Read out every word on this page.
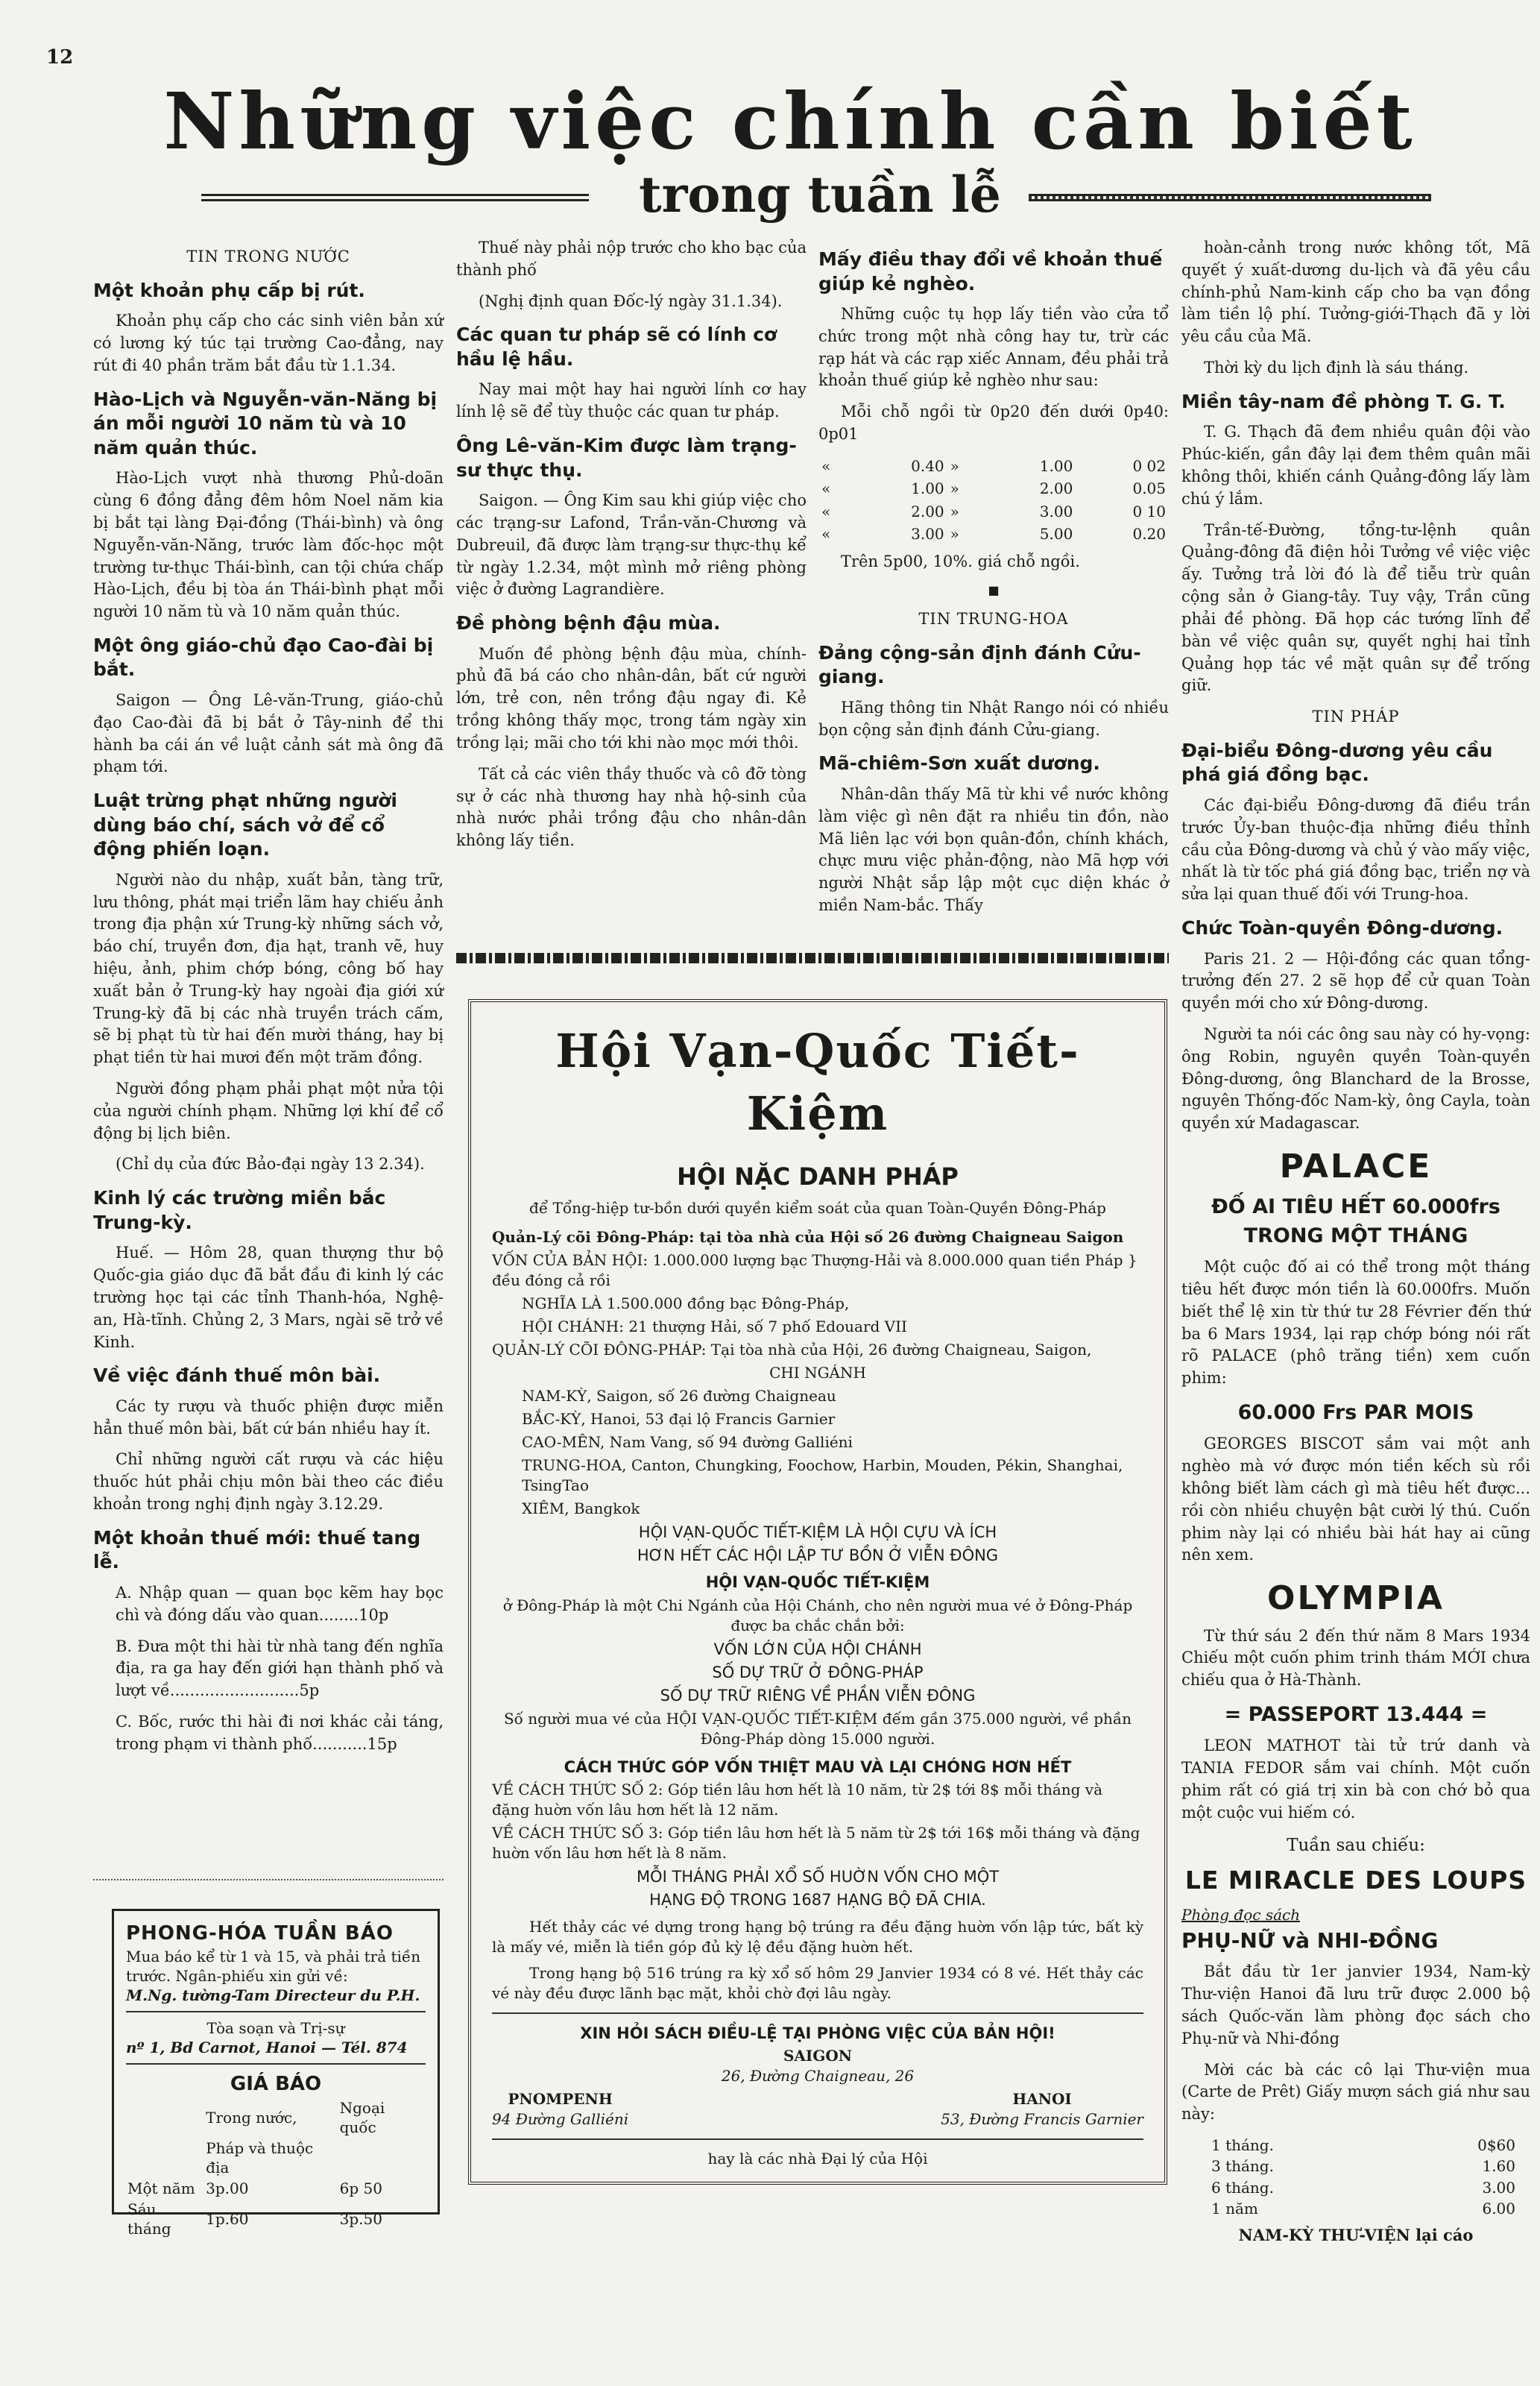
12
Những việc chính cần biết
trong tuần lễ
TIN TRONG NƯỚC
Một khoản phụ cấp bị rút.

Khoản phụ cấp cho các sinh viên bản xứ có lương ký túc tại trường Cao-đẳng, nay rút đi 40 phần trăm bắt đầu từ 1.1.34.

Hào-Lịch và Nguyễn-văn-Năng bị án mỗi người 10 năm tù và 10 năm quản thúc.

Hào-Lịch vượt nhà thương Phủ-doãn cùng 6 đồng đẳng đêm hôm Noel năm kia bị bắt tại làng Đại-đồng (Thái-bình) và ông Nguyễn-văn-Năng, trước làm đốc-học một trường tư-thục Thái-bình, can tội chứa chấp Hào-Lịch, đều bị tòa án Thái-bình phạt mỗi người 10 năm tù và 10 năm quản thúc.

Một ông giáo-chủ đạo Cao-đài bị bắt.

Saigon — Ông Lê-văn-Trung, giáo-chủ đạo Cao-đài đã bị bắt ở Tây-ninh để thi hành ba cái án về luật cảnh sát mà ông đã phạm tới.

Luật trừng phạt những người dùng báo chí, sách vở để cổ động phiến loạn.

Người nào du nhập, xuất bản, tàng trữ, lưu thông, phát mại triển lãm hay chiếu ảnh trong địa phận xứ Trung-kỳ những sách vở, báo chí, truyền đơn, địa hạt, tranh vẽ, huy hiệu, ảnh, phim chớp bóng, công bố hay xuất bản ở Trung-kỳ hay ngoài địa giới xứ Trung-kỳ đã bị các nhà truyền trách cấm, sẽ bị phạt tù từ hai đến mười tháng, hay bị phạt tiền từ hai mươi đến một trăm đồng.

Người đồng phạm phải phạt một nửa tội của người chính phạm. Những lợi khí để cổ động bị lịch biên.

(Chỉ dụ của đức Bảo-đại ngày 13 2.34).

Kinh lý các trường miền bắc Trung-kỳ.

Huế. — Hôm 28, quan thượng thư bộ Quốc-gia giáo dục đã bắt đầu đi kinh lý các trường học tại các tỉnh Thanh-hóa, Nghệ-an, Hà-tĩnh. Chủng 2, 3 Mars, ngài sẽ trở về Kinh.

Về việc đánh thuế môn bài.

Các ty rượu và thuốc phiện được miễn hẳn thuế môn bài, bất cứ bán nhiều hay ít.

Chỉ những người cất rượu và các hiệu thuốc hút phải chịu môn bài theo các điều khoản trong nghị định ngày 3.12.29.

Một khoản thuế mới: thuế tang lễ.

A. Nhập quan — quan bọc kẽm hay bọc chì và đóng dấu vào quan........10p

B. Đưa một thi hài từ nhà tang đến nghĩa địa, ra ga hay đến giới hạn thành phố và lượt về..........................5p

C. Bốc, rước thi hài đi nơi khác cải táng, trong phạm vi thành phố...........15p

PHONG-HÓA TUẦN BÁO
Mua báo kể từ 1 và 15, và phải trả tiền trước. Ngân-phiếu xin gửi về:
M.Ng. tường-Tam Directeur du P.H.
Tòa soạn và Trị-sự
nº 1, Bd Carnot, Hanoi — Tél. 874
GIÁ BÁO
	Trong nước,	Ngoại quốc
	Pháp và thuộc địa	
Một năm	3p.00	6p 50
Sáu tháng	1p.60	3p.50

Thuế này phải nộp trước cho kho bạc của thành phố

(Nghị định quan Đốc-lý ngày 31.1.34).

Các quan tư pháp sẽ có lính cơ hầu lệ hầu.

Nay mai một hay hai người lính cơ hay lính lệ sẽ để tùy thuộc các quan tư pháp.

Ông Lê-văn-Kim được làm trạng-sư thực thụ.

Saigon. — Ông Kim sau khi giúp việc cho các trạng-sư Lafond, Trần-văn-Chương và Dubreuil, đã được làm trạng-sư thực-thụ kể từ ngày 1.2.34, một mình mở riêng phòng việc ở đường Lagrandière.

Đề phòng bệnh đậu mùa.

Muốn đề phòng bệnh đậu mùa, chính-phủ đã bá cáo cho nhân-dân, bất cứ người lớn, trẻ con, nên trồng đậu ngay đi. Kẻ trồng không thấy mọc, trong tám ngày xin trồng lại; mãi cho tới khi nào mọc mới thôi.

Tất cả các viên thầy thuốc và cô đỡ tòng sự ở các nhà thương hay nhà hộ-sinh của nhà nước phải trồng đậu cho nhân-dân không lấy tiền.

Mấy điều thay đổi về khoản thuế giúp kẻ nghèo.

Những cuộc tụ họp lấy tiền vào cửa tổ chức trong một nhà công hay tư, trừ các rạp hát và các rạp xiếc Annam, đều phải trả khoản thuế giúp kẻ nghèo như sau:

Mỗi chỗ ngồi từ 0p20 đến dưới 0p40: 0p01

«	0.40	»	1.00	0 02
«	1.00	»	2.00	0.05
«	2.00	»	3.00	0 10
«	3.00	»	5.00	0.20

Trên 5p00, 10%. giá chỗ ngồi.

■
TIN TRUNG-HOA
Đảng cộng-sản định đánh Cửu-giang.

Hãng thông tin Nhật Rango nói có nhiều bọn cộng sản định đánh Cửu-giang.

Mã-chiêm-Sơn xuất dương.

Nhân-dân thấy Mã từ khi về nước không làm việc gì nên đặt ra nhiều tin đồn, nào Mã liên lạc với bọn quân-đồn, chính khách, chực mưu việc phản-động, nào Mã hợp với người Nhật sắp lập một cục diện khác ở miền Nam-bắc. Thấy

hoàn-cảnh trong nước không tốt, Mã quyết ý xuất-dương du-lịch và đã yêu cầu chính-phủ Nam-kinh cấp cho ba vạn đồng làm tiền lộ phí. Tưởng-giới-Thạch đã y lời yêu cầu của Mã.

Thời kỳ du lịch định là sáu tháng.

Miền tây-nam đề phòng T. G. T.

T. G. Thạch đã đem nhiều quân đội vào Phúc-kiến, gần đây lại đem thêm quân mãi không thôi, khiến cánh Quảng-đông lấy làm chú ý lắm.

Trần-tế-Đường, tổng-tư-lệnh quân Quảng-đông đã điện hỏi Tưởng về việc việc ấy. Tưởng trả lời đó là để tiễu trừ quân cộng sản ở Giang-tây. Tuy vậy, Trần cũng phải đề phòng. Đã họp các tướng lĩnh để bàn về việc quân sự, quyết nghị hai tỉnh Quảng họp tác về mặt quân sự để trống giữ.

TIN PHÁP
Đại-biểu Đông-dương yêu cầu phá giá đồng bạc.

Các đại-biểu Đông-dương đã điều trần trước Ủy-ban thuộc-địa những điều thỉnh cầu của Đông-dương và chủ ý vào mấy việc, nhất là từ tốc phá giá đồng bạc, triển nợ và sửa lại quan thuế đối với Trung-hoa.

Chức Toàn-quyền Đông-dương.

Paris 21. 2 — Hội-đồng các quan tổng-trưởng đến 27. 2 sẽ họp để cử quan Toàn quyền mới cho xứ Đông-dương.

Người ta nói các ông sau này có hy-vọng: ông Robin, nguyên quyền Toàn-quyền Đông-dương, ông Blanchard de la Brosse, nguyên Thống-đốc Nam-kỳ, ông Cayla, toàn quyền xứ Madagascar.

PALACE
ĐỐ AI TIÊU HẾT 60.000frs TRONG MỘT THÁNG

Một cuộc đố ai có thể trong một tháng tiêu hết được món tiền là 60.000frs. Muốn biết thể lệ xin từ thứ tư 28 Février đến thứ ba 6 Mars 1934, lại rạp chớp bóng nói rất rõ PALACE (phô trăng tiền) xem cuốn phim:

60.000 Frs PAR MOIS

GEORGES BISCOT sắm vai một anh nghèo mà vớ được món tiền kếch sù rồi không biết làm cách gì mà tiêu hết được... rồi còn nhiều chuyện bật cười lý thú. Cuốn phim này lại có nhiều bài hát hay ai cũng nên xem.

OLYMPIA

Từ thứ sáu 2 đến thứ năm 8 Mars 1934 Chiếu một cuốn phim trinh thám MỚI chưa chiếu qua ở Hà-Thành.

= PASSEPORT 13.444 =

LEON MATHOT tài tử trứ danh và TANIA FEDOR sắm vai chính. Một cuốn phim rất có giá trị xin bà con chớ bỏ qua một cuộc vui hiếm có.

Tuần sau chiếu:
LE MIRACLE DES LOUPS
Phòng đọc sách
PHỤ-NỮ và NHI-ĐỒNG

Bắt đầu từ 1er janvier 1934, Nam-kỳ Thư-viện Hanoi đã lưu trữ được 2.000 bộ sách Quốc-văn làm phòng đọc sách cho Phụ-nữ và Nhi-đồng

Mời các bà các cô lại Thư-viện mua (Carte de Prêt) Giấy mượn sách giá như sau này:

1 tháng.	0$60
3 tháng.	1.60
6 tháng.	3.00
1 năm	6.00
NAM-KỲ THƯ-VIỆN lại cáo
Hội Vạn-Quốc Tiết-Kiệm
HỘI NẶC DANH PHÁP
để Tổng-hiệp tư-bồn dưới quyền kiểm soát của quan Toàn-Quyền Đông-Pháp
Quản-Lý cõi Đông-Pháp: tại tòa nhà của Hội số 26 đường Chaigneau Saigon
VỐN CỦA BẢN HỘI: 1.000.000 lượng bạc Thượng-Hải và 8.000.000 quan tiền Pháp } đều đóng cả rồi
NGHĨA LÀ 1.500.000 đồng bạc Đông-Pháp,
HỘI CHÁNH: 21 thượng Hải, số 7 phố Edouard VII
QUẢN-LÝ CÕI ĐÔNG-PHÁP: Tại tòa nhà của Hội, 26 đường Chaigneau, Saigon,
CHI NGÁNH
NAM-KỲ, Saigon, số 26 đường Chaigneau
BẮC-KỲ, Hanoi, 53 đại lộ Francis Garnier
CAO-MÊN, Nam Vang, số 94 đường Galliéni
TRUNG-HOA, Canton, Chungking, Foochow, Harbin, Mouden, Pékin, Shanghai, TsingTao
XIÊM, Bangkok
HỘI VẠN-QUỐC TIẾT-KIỆM LÀ HỘI CỰU VÀ ÍCH
HƠN HẾT CÁC HỘI LẬP TƯ BỒN Ở VIỄN ĐÔNG
HỘI VẠN-QUỐC TIẾT-KIỆM
ở Đông-Pháp là một Chi Ngánh của Hội Chánh, cho nên người mua vé ở Đông-Pháp được ba chắc chắn bởi:
VỐN LỚN CỦA HỘI CHÁNH
SỐ DỰ TRỮ Ở ĐÔNG-PHÁP
SỐ DỰ TRỮ RIÊNG VỀ PHẦN VIỄN ĐÔNG
Số người mua vé của HỘI VẠN-QUỐC TIẾT-KIỆM đếm gần 375.000 người, về phần Đông-Pháp dòng 15.000 người.
CÁCH THỨC GÓP VỐN THIỆT MAU VÀ LẠI CHÓNG HƠN HẾT
VỀ CÁCH THỨC SỐ 2: Góp tiền lâu hơn hết là 10 năm, từ 2$ tới 8$ mỗi tháng và đặng huờn vốn lâu hơn hết là 12 năm.
VỀ CÁCH THỨC SỐ 3: Góp tiền lâu hơn hết là 5 năm từ 2$ tới 16$ mỗi tháng và đặng huờn vốn lâu hơn hết là 8 năm.
MỖI THÁNG PHẢI XỔ SỐ HUỜN VỐN CHO MỘT
HẠNG ĐỘ TRONG 1687 HẠNG BỘ ĐÃ CHIA.
Hết thảy các vé dựng trong hạng bộ trúng ra đều đặng huờn vốn lập tức, bất kỳ là mấy vé, miễn là tiền góp đủ kỳ lệ đều đặng huờn hết.
Trong hạng bộ 516 trúng ra kỳ xổ số hôm 29 Janvier 1934 có 8 vé. Hết thảy các vé này đều được lãnh bạc mặt, khỏi chờ đợi lâu ngày.
XIN HỎI SÁCH ĐIỀU-LỆ TẠI PHÒNG VIỆC CỦA BẢN HỘI!
SAIGON
26, Đường Chaigneau, 26
PNOMPENH
94 Đường Galliéni
HANOI
53, Đường Francis Garnier
hay là các nhà Đại lý của Hội
